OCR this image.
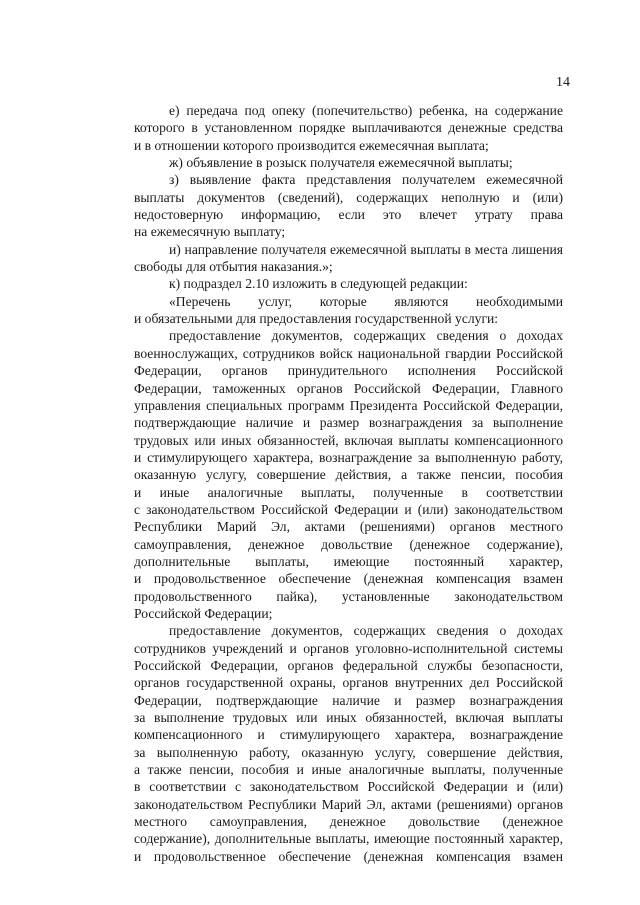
14
е) передача под опеку (попечительство) ребенка, на содержание
которого в установленном порядке выплачиваются денежные средства
и в отношении которого производится ежемесячная выплата;
ж) объявление в розыск получателя ежемесячной выплаты;
з) выявление факта представления получателем ежемесячной
выплаты документов (сведений), содержащих неполную и (или)
недостоверную информацию, если это влечет утрату права
на ежемесячную выплату;
и) направление получателя ежемесячной выплаты в места лишения
свободы для отбытия наказания.»;
к) подраздел 2.10 изложить в следующей редакции:
«Перечень услуг, которые являются необходимыми
и обязательными для предоставления государственной услуги:
предоставление документов, содержащих сведения о доходах
военнослужащих, сотрудников войск национальной гвардии Российской
Федерации, органов принудительного исполнения Российской
Федерации, таможенных органов Российской Федерации, Главного
управления специальных программ Президента Российской Федерации,
подтверждающие наличие и размер вознаграждения за выполнение
трудовых или иных обязанностей, включая выплаты компенсационного
и стимулирующего характера, вознаграждение за выполненную работу,
оказанную услугу, совершение действия, а также пенсии, пособия
и иные аналогичные выплаты, полученные в соответствии
с законодательством Российской Федерации и (или) законодательством
Республики Марий Эл, актами (решениями) органов местного
самоуправления, денежное довольствие (денежное содержание),
дополнительные выплаты, имеющие постоянный характер,
и продовольственное обеспечение (денежная компенсация взамен
продовольственного пайка), установленные законодательством
Российской Федерации;
предоставление документов, содержащих сведения о доходах
сотрудников учреждений и органов уголовно-исполнительной системы
Российской Федерации, органов федеральной службы безопасности,
органов государственной охраны, органов внутренних дел Российской
Федерации, подтверждающие наличие и размер вознаграждения
за выполнение трудовых или иных обязанностей, включая выплаты
компенсационного и стимулирующего характера, вознаграждение
за выполненную работу, оказанную услугу, совершение действия,
а также пенсии, пособия и иные аналогичные выплаты, полученные
в соответствии с законодательством Российской Федерации и (или)
законодательством Республики Марий Эл, актами (решениями) органов
местного самоуправления, денежное довольствие (денежное
содержание), дополнительные выплаты, имеющие постоянный характер,
и продовольственное обеспечение (денежная компенсация взамен
